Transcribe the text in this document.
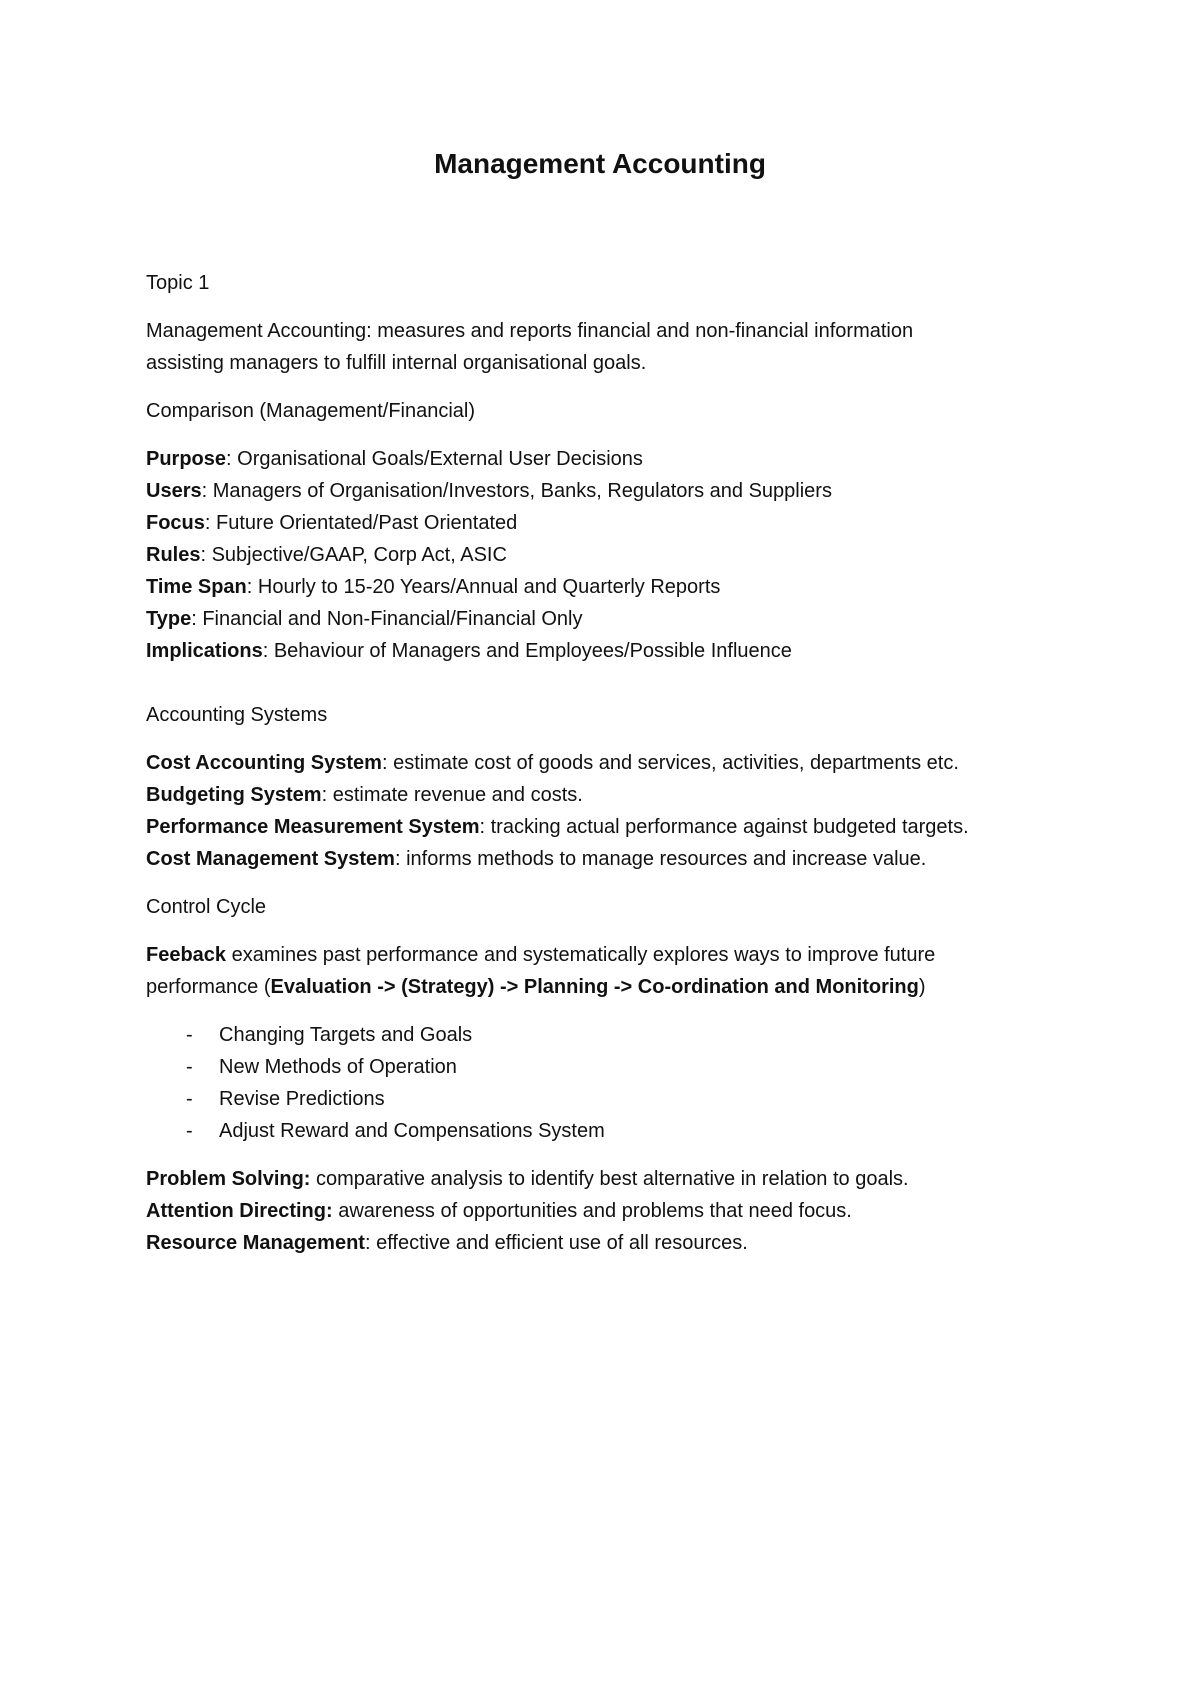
Management Accounting

Topic 1

Management Accounting: measures and reports financial and non-financial information

assisting managers to fulfill internal organisational goals.

Comparison (Management/Financial)

Purpose: Organisational Goals/External User Decisions

Users: Managers of Organisation/Investors, Banks, Regulators and Suppliers

Focus: Future Orientated/Past Orientated

Rules: Subjective/GAAP, Corp Act, ASIC

Time Span: Hourly to 15-20 Years/Annual and Quarterly Reports

Type: Financial and Non-Financial/Financial Only

Implications: Behaviour of Managers and Employees/Possible Influence

Accounting Systems

Cost Accounting System: estimate cost of goods and services, activities, departments etc.

Budgeting System: estimate revenue and costs.

Performance Measurement System: tracking actual performance against budgeted targets.

Cost Management System: informs methods to manage resources and increase value.

Control Cycle

Feeback examines past performance and systematically explores ways to improve future

performance (Evaluation -> (Strategy) -> Planning -> Co-ordination and Monitoring)

- Changing Targets and Goals
- New Methods of Operation
- Revise Predictions
- Adjust Reward and Compensations System

Problem Solving: comparative analysis to identify best alternative in relation to goals.

Attention Directing: awareness of opportunities and problems that need focus.

Resource Management: effective and efficient use of all resources.
